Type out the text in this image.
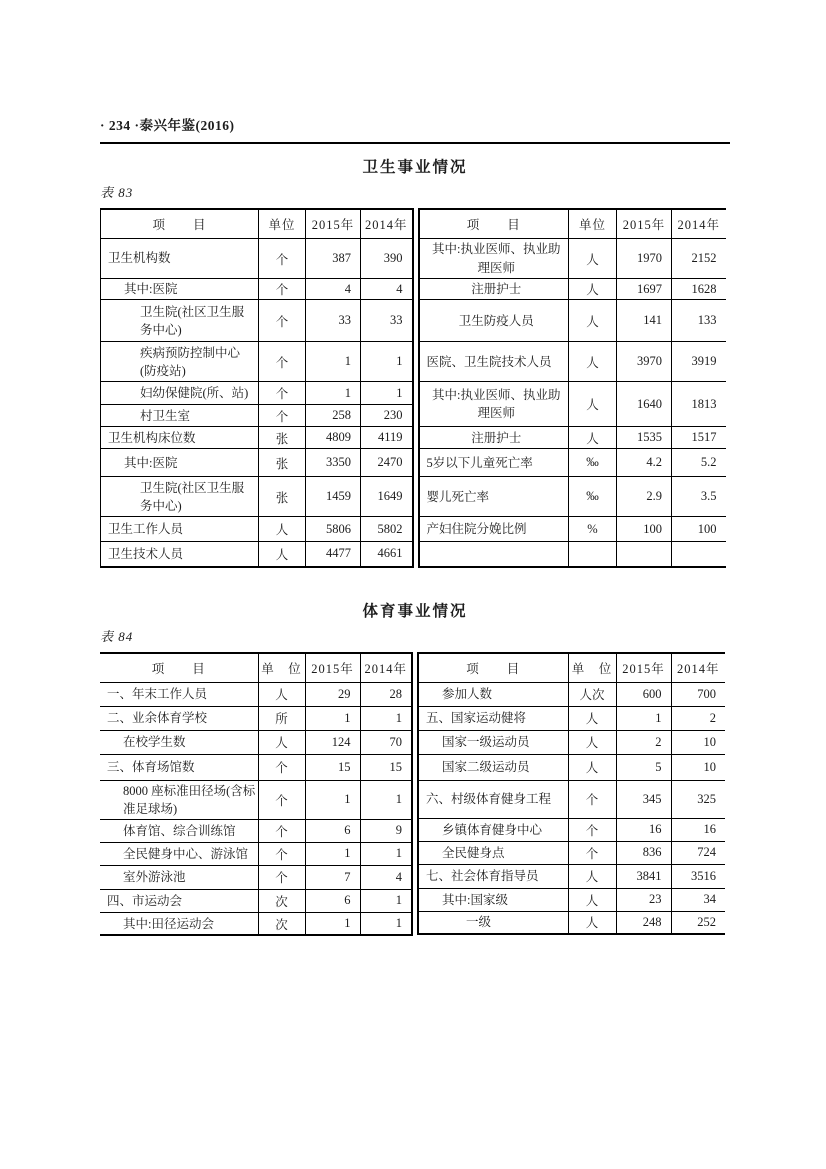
· 234 ·泰兴年鉴(2016)
卫生事业情况
表 83
项　　目	单位	2015年	2014年
卫生机构数	个	387	390
其中:医院	个	4	4
卫生院(社区卫生服务中心)	个	33	33
疾病预防控制中心(防疫站)	个	1	1
妇幼保健院(所、站)	个	1	1
村卫生室	个	258	230
卫生机构床位数	张	4809	4119
其中:医院	张	3350	2470
卫生院(社区卫生服务中心)	张	1459	1649
卫生工作人员	人	5806	5802
卫生技术人员	人	4477	4661
项　　目	单位	2015年	2014年
其中:执业医师、执业助理医师	人	1970	2152
注册护士	人	1697	1628
卫生防疫人员	人	141	133
医院、卫生院技术人员	人	3970	3919
其中:执业医师、执业助理医师	人	1640	1813
注册护士	人	1535	1517
5岁以下儿童死亡率	‰	4.2	5.2
婴儿死亡率	‰	2.9	3.5
产妇住院分娩比例	%	100	100

体育事业情况
表 84
项　　目	单　位	2015年	2014年
一、年末工作人员	人	29	28
二、业余体育学校	所	1	1
在校学生数	人	124	70
三、体育场馆数	个	15	15
8000 座标准田径场(含标准足球场)	个	1	1
体育馆、综合训练馆	个	6	9
全民健身中心、游泳馆	个	1	1
室外游泳池	个	7	4
四、市运动会	次	6	1
其中:田径运动会	次	1	1
项　　目	单　位	2015年	2014年
参加人数	人次	600	700
五、国家运动健将	人	1	2
国家一级运动员	人	2	10
国家二级运动员	人	5	10
六、村级体育健身工程	个	345	325
乡镇体育健身中心	个	16	16
全民健身点	个	836	724
七、社会体育指导员	人	3841	3516
其中:国家级	人	23	34
一级	人	248	252
